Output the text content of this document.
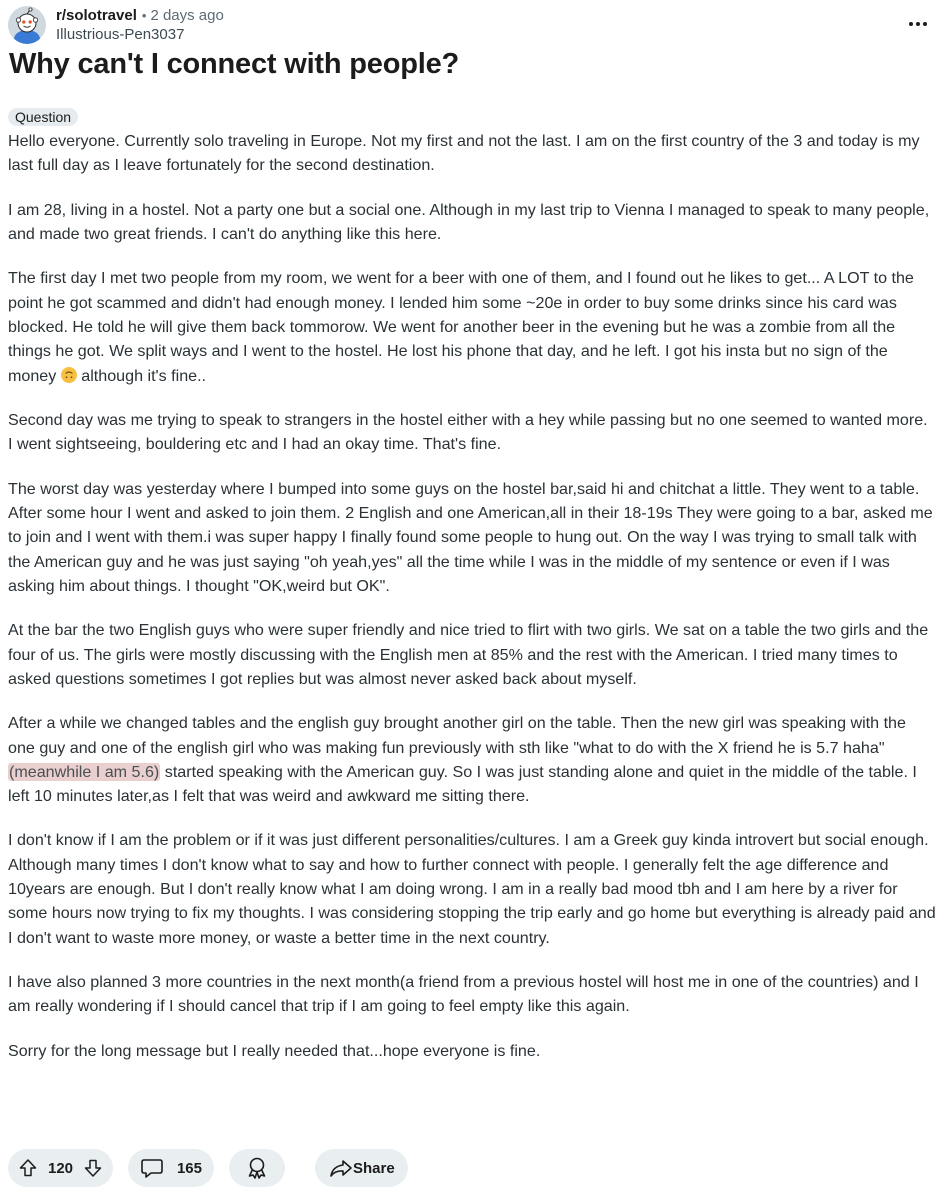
r/solotravel • 2 days ago
Illustrious-Pen3037
Why can't I connect with people?
Question

Hello everyone. Currently solo traveling in Europe. Not my first and not the last. I am on the first country of the 3 and today is my last full day as I leave fortunately for the second destination.

I am 28, living in a hostel. Not a party one but a social one. Although in my last trip to Vienna I managed to speak to many people, and made two great friends. I can't do anything like this here.

The first day I met two people from my room, we went for a beer with one of them, and I found out he likes to get... A LOT to the point he got scammed and didn't had enough money. I lended him some ~20e in order to buy some drinks since his card was blocked. He told he will give them back tommorow. We went for another beer in the evening but he was a zombie from all the things he got. We split ways and I went to the hostel. He lost his phone that day, and he left. I got his insta but no sign of the money although it's fine..

Second day was me trying to speak to strangers in the hostel either with a hey while passing but no one seemed to wanted more. I went sightseeing, bouldering etc and I had an okay time. That's fine.

The worst day was yesterday where I bumped into some guys on the hostel bar,said hi and chitchat a little. They went to a table. After some hour I went and asked to join them. 2 English and one American,all in their 18-19s They were going to a bar, asked me to join and I went with them.i was super happy I finally found some people to hung out. On the way I was trying to small talk with the American guy and he was just saying "oh yeah,yes" all the time while I was in the middle of my sentence or even if I was asking him about things. I thought "OK,weird but OK".

At the bar the two English guys who were super friendly and nice tried to flirt with two girls. We sat on a table the two girls and the four of us. The girls were mostly discussing with the English men at 85% and the rest with the American. I tried many times to asked questions sometimes I got replies but was almost never asked back about myself.

After a while we changed tables and the english guy brought another girl on the table. Then the new girl was speaking with the one guy and one of the english girl who was making fun previously with sth like "what to do with the X friend he is 5.7 haha" (meanwhile I am 5.6) started speaking with the American guy. So I was just standing alone and quiet in the middle of the table. I left 10 minutes later,as I felt that was weird and awkward me sitting there.

I don't know if I am the problem or if it was just different personalities/cultures. I am a Greek guy kinda introvert but social enough. Although many times I don't know what to say and how to further connect with people. I generally felt the age difference and 10years are enough. But I don't really know what I am doing wrong. I am in a really bad mood tbh and I am here by a river for some hours now trying to fix my thoughts. I was considering stopping the trip early and go home but everything is already paid and I don't want to waste more money, or waste a better time in the next country.

I have also planned 3 more countries in the next month(a friend from a previous hostel will host me in one of the countries) and I am really wondering if I should cancel that trip if I am going to feel empty like this again.

Sorry for the long message but I really needed that...hope everyone is fine.

120	165	Share
